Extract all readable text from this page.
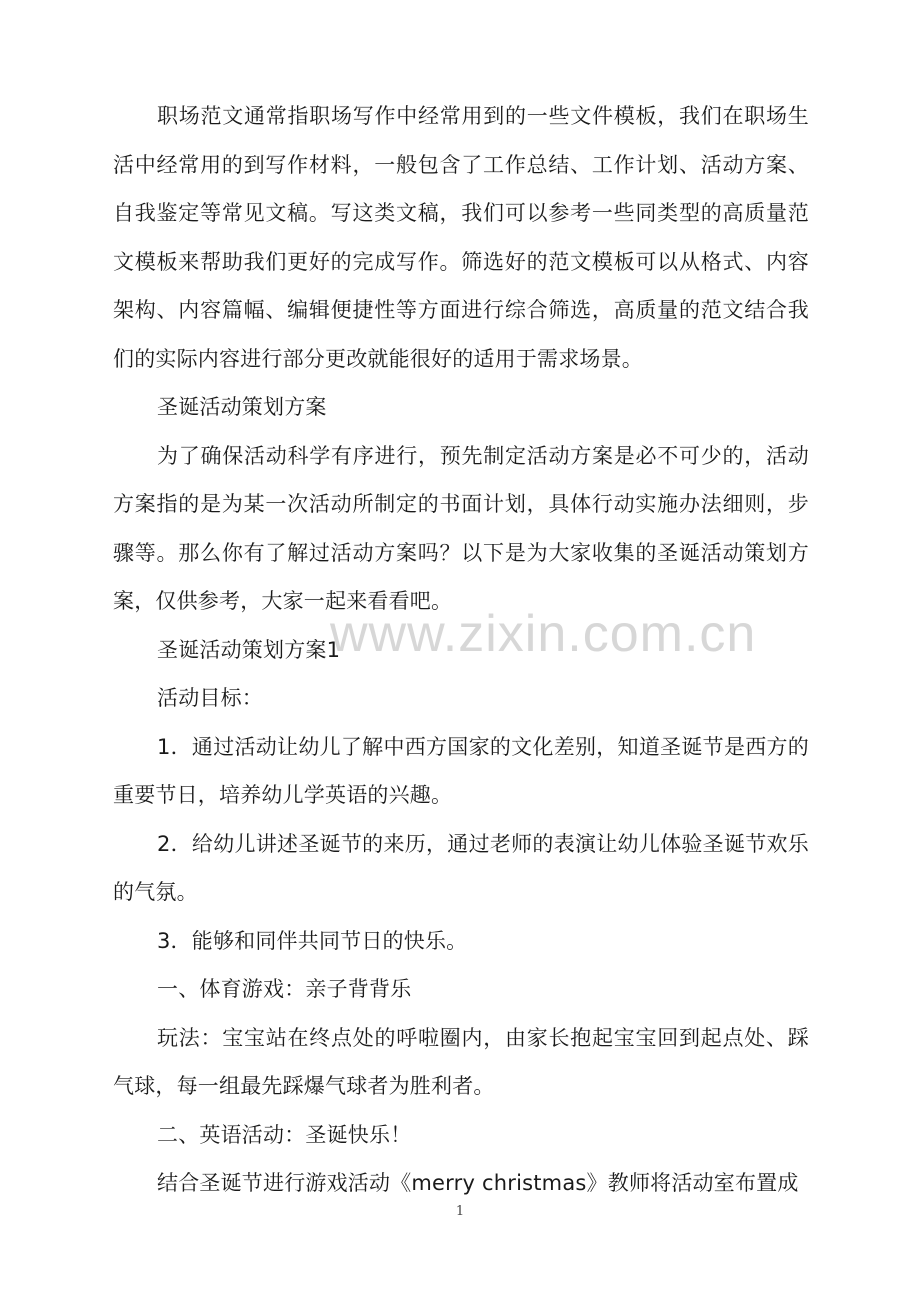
www.zixin.com.cn

职场范文通常指职场写作中经常用到的一些文件模板，我们在职场生活中经常用的到写作材料，一般包含了工作总结、工作计划、活动方案、自我鉴定等常见文稿。写这类文稿，我们可以参考一些同类型的高质量范文模板来帮助我们更好的完成写作。筛选好的范文模板可以从格式、内容架构、内容篇幅、编辑便捷性等方面进行综合筛选，高质量的范文结合我们的实际内容进行部分更改就能很好的适用于需求场景。

圣诞活动策划方案

为了确保活动科学有序进行，预先制定活动方案是必不可少的，活动方案指的是为某一次活动所制定的书面计划，具体行动实施办法细则，步骤等。那么你有了解过活动方案吗？以下是为大家收集的圣诞活动策划方案，仅供参考，大家一起来看看吧。

圣诞活动策划方案1

活动目标：

1．通过活动让幼儿了解中西方国家的文化差别，知道圣诞节是西方的重要节日，培养幼儿学英语的兴趣。

2．给幼儿讲述圣诞节的来历，通过老师的表演让幼儿体验圣诞节欢乐的气氛。

3．能够和同伴共同节日的快乐。

一、体育游戏：亲子背背乐

玩法：宝宝站在终点处的呼啦圈内，由家长抱起宝宝回到起点处、踩气球，每一组最先踩爆气球者为胜利者。

二、英语活动：圣诞快乐！

结合圣诞节进行游戏活动《merry christmas》教师将活动室布置成

1
